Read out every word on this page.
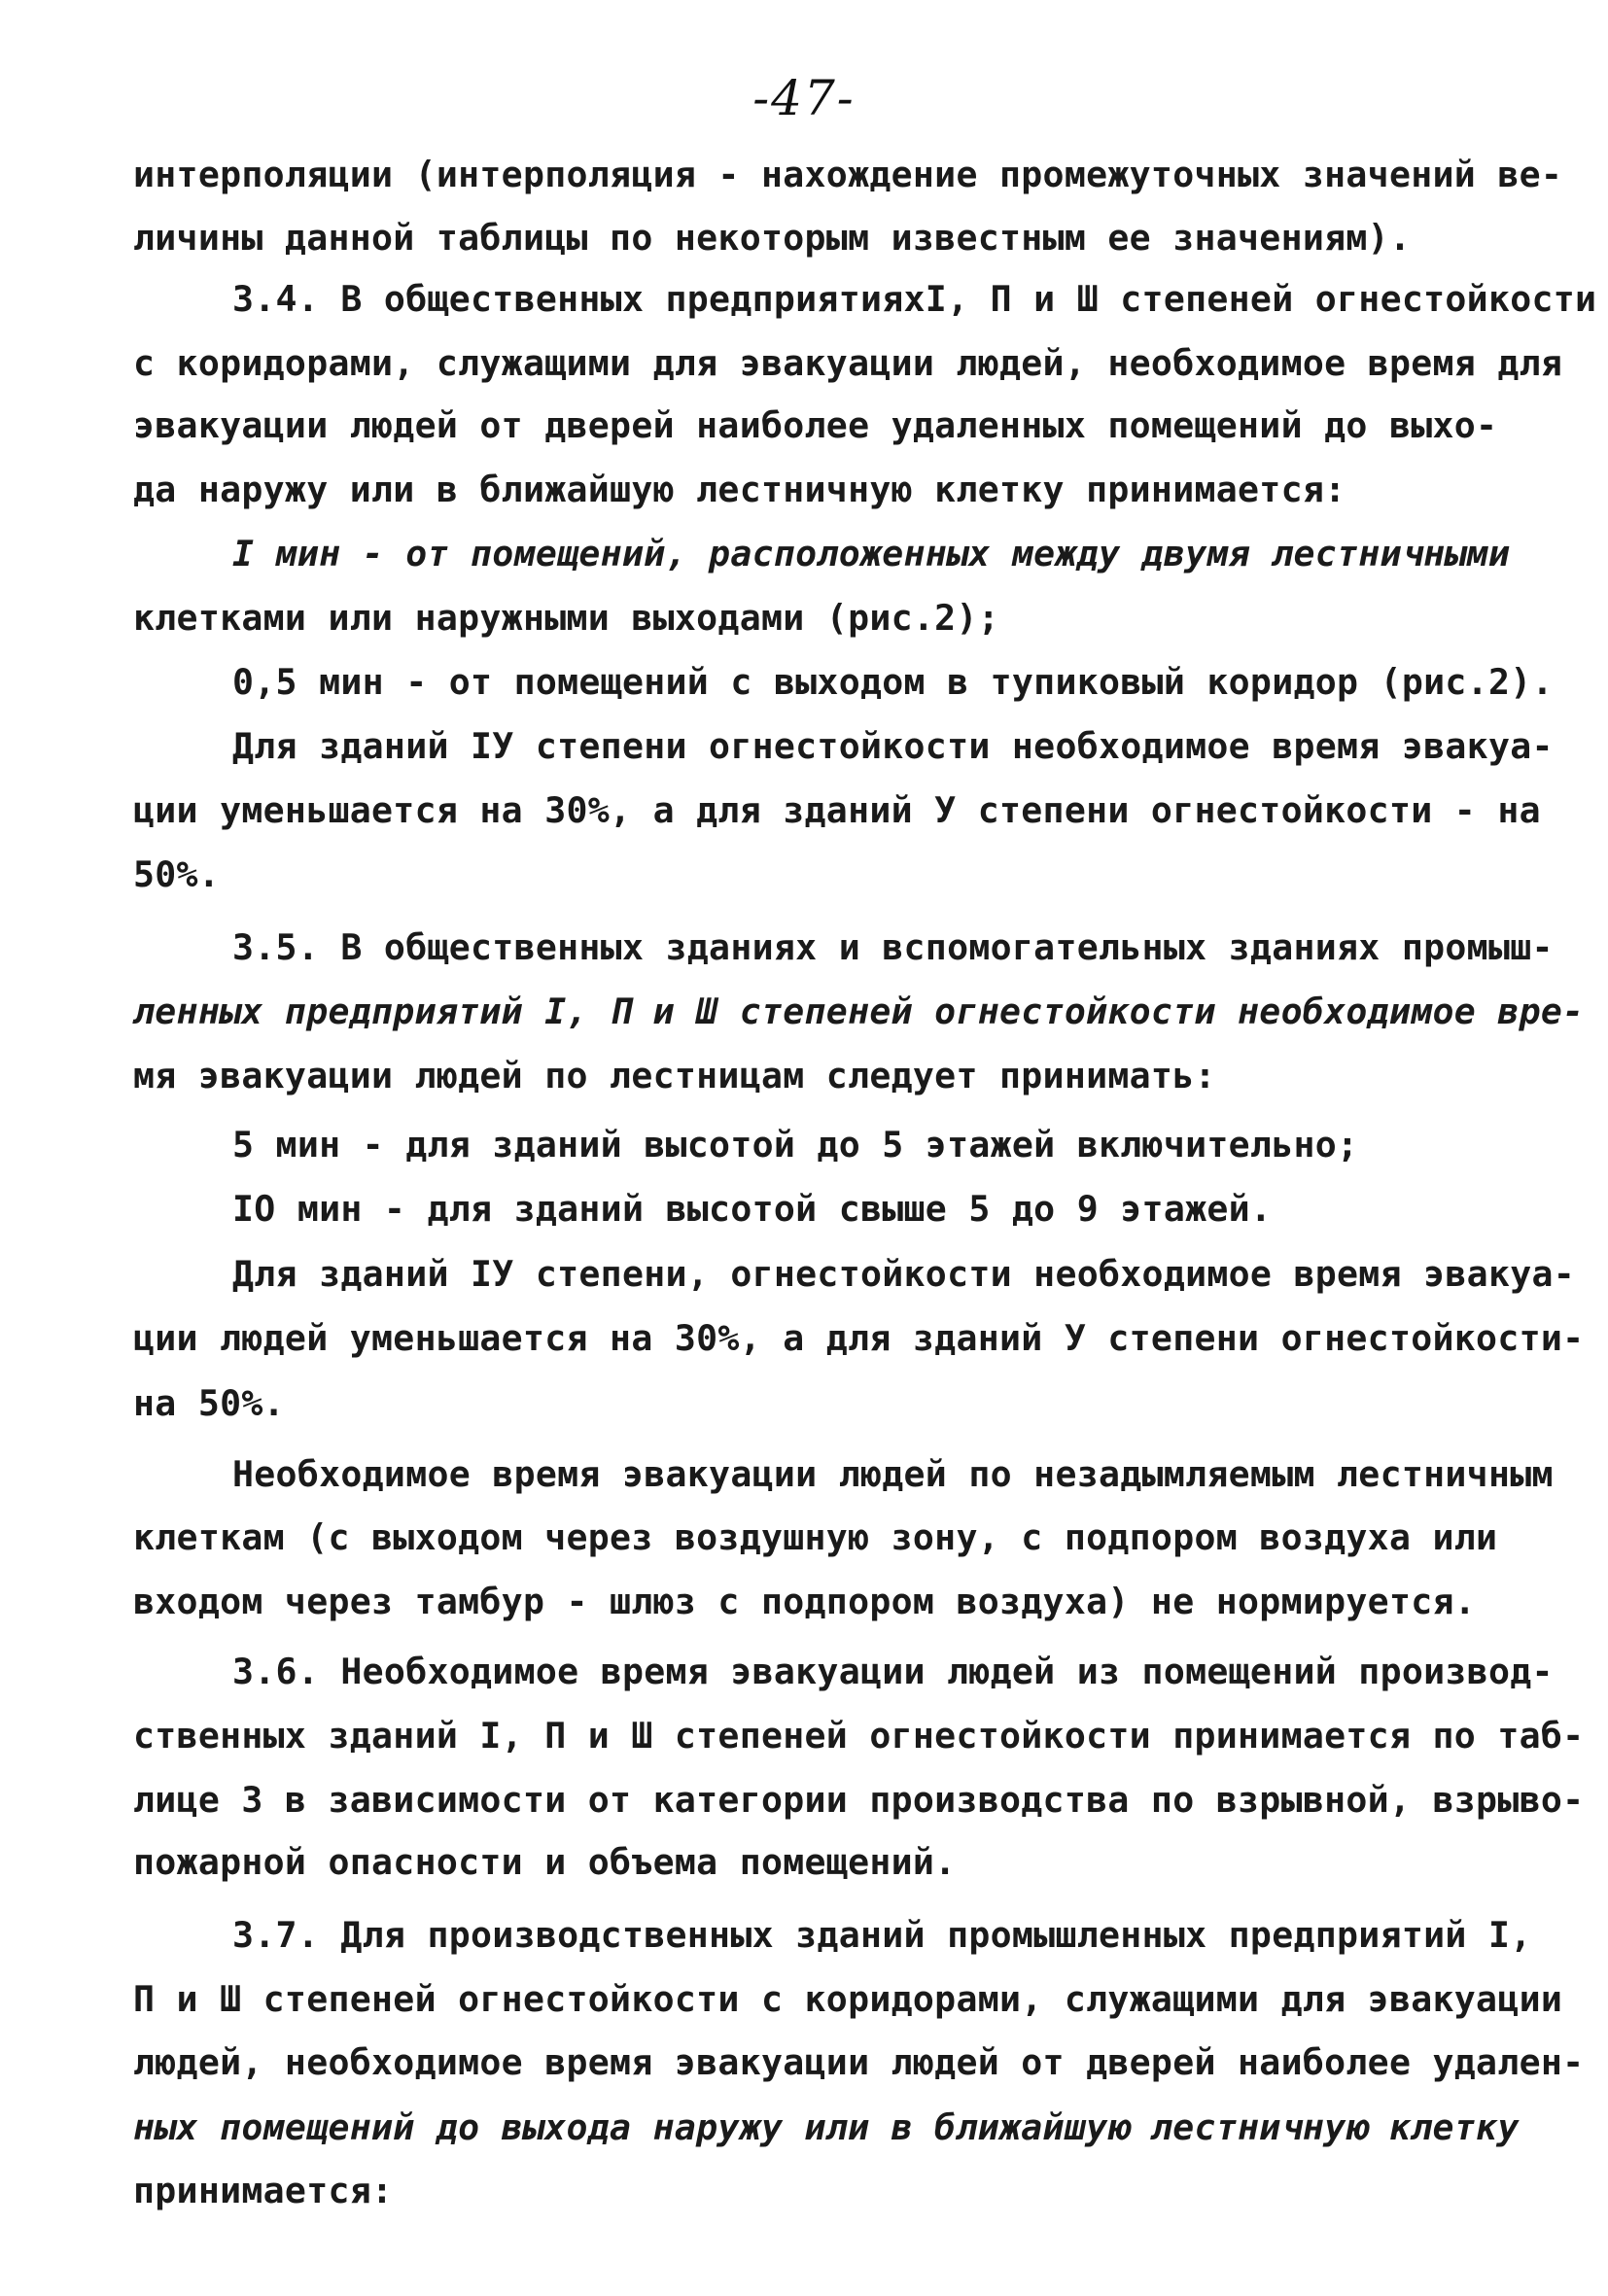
-47-
интерполяции (интерполяция - нахождение промежуточных значений ве-
личины данной таблицы по некоторым известным ее значениям).
3.4. В общественных предприятияхI, П и Ш степеней огнестойкости
с коридорами, служащими для эвакуации людей, необходимое время для
эвакуации людей от дверей наиболее удаленных помещений до выхо-
да наружу или в ближайшую лестничную клетку принимается:
I мин - от помещений, расположенных между двумя лестничными
клетками или наружными выходами (рис.2);
0,5 мин - от помещений с выходом в тупиковый коридор (рис.2).
Для зданий IУ степени огнестойкости необходимое время эвакуа-
ции уменьшается на 30%, а для зданий У степени огнестойкости - на
50%.
3.5. В общественных зданиях и вспомогательных зданиях промыш-
ленных предприятий I, П и Ш степеней огнестойкости необходимое вре-
мя эвакуации людей по лестницам следует принимать:
5 мин - для зданий высотой до 5 этажей включительно;
IO мин - для зданий высотой свыше 5 до 9 этажей.
Для зданий IУ степени, огнестойкости необходимое время эвакуа-
ции людей уменьшается на 30%, а для зданий У степени огнестойкости-
на 50%.
Необходимое время эвакуации людей по незадымляемым лестничным
клеткам (с выходом через воздушную зону, с подпором воздуха или
входом через тамбур - шлюз с подпором воздуха) не нормируется.
3.6. Необходимое время эвакуации людей из помещений производ-
ственных зданий I, П и Ш степеней огнестойкости принимается по таб-
лице 3 в зависимости от категории производства по взрывной, взрыво-
пожарной опасности и объема помещений.
3.7. Для производственных зданий промышленных предприятий I,
П и Ш степеней огнестойкости с коридорами, служащими для эвакуации
людей, необходимое время эвакуации людей от дверей наиболее удален-
ных помещений до выхода наружу или в ближайшую лестничную клетку
принимается:
